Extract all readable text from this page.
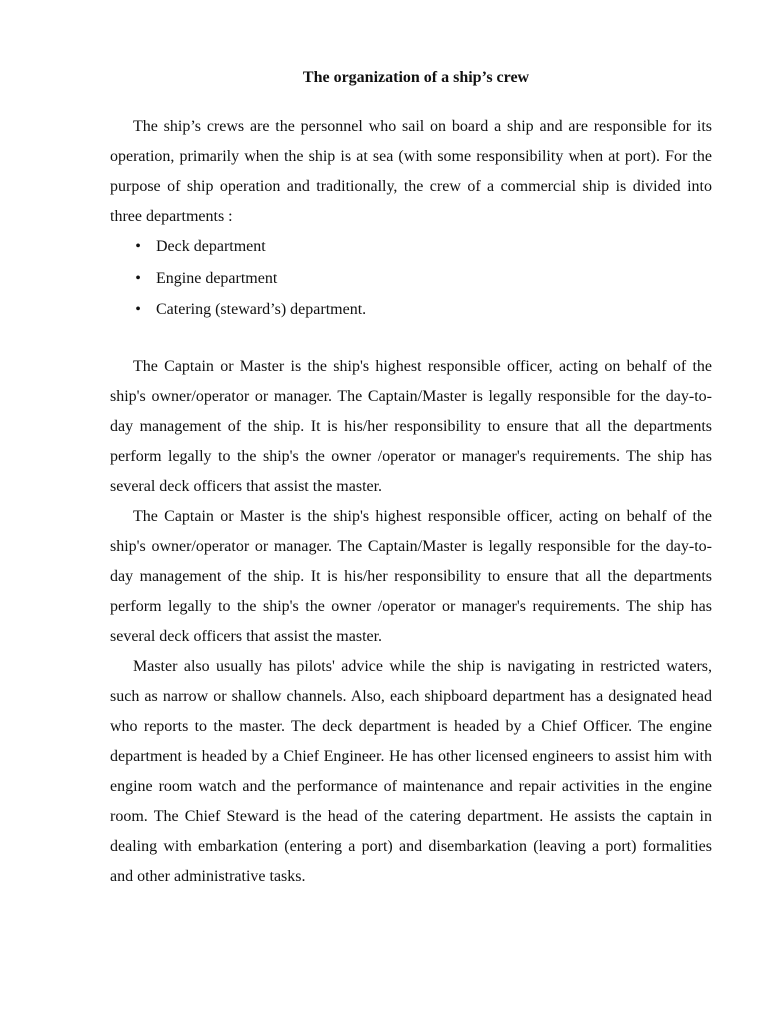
The organization of a ship’s crew

The ship’s crews are the personnel who sail on board a ship and are responsible for its operation, primarily when the ship is at sea (with some responsibility when at port). For the purpose of ship operation and traditionally, the crew of a commercial ship is divided into three departments :

• Deck department
• Engine department
• Catering (steward’s) department.

The Captain or Master is the ship's highest responsible officer, acting on behalf of the ship's owner/operator or manager. The Captain/Master is legally responsible for the day-to-day management of the ship. It is his/her responsibility to ensure that all the departments perform legally to the ship's the owner /operator or manager's requirements. The ship has several deck officers that assist the master.

The Captain or Master is the ship's highest responsible officer, acting on behalf of the ship's owner/operator or manager. The Captain/Master is legally responsible for the day-to-day management of the ship. It is his/her responsibility to ensure that all the departments perform legally to the ship's the owner /operator or manager's requirements. The ship has several deck officers that assist the master.

Master also usually has pilots' advice while the ship is navigating in restricted waters, such as narrow or shallow channels. Also, each shipboard department has a designated head who reports to the master. The deck department is headed by a Chief Officer. The engine department is headed by a Chief Engineer. He has other licensed engineers to assist him with engine room watch and the performance of maintenance and repair activities in the engine room. The Chief Steward is the head of the catering department. He assists the captain in dealing with embarkation (entering a port) and disembarkation (leaving a port) formalities and other administrative tasks.
